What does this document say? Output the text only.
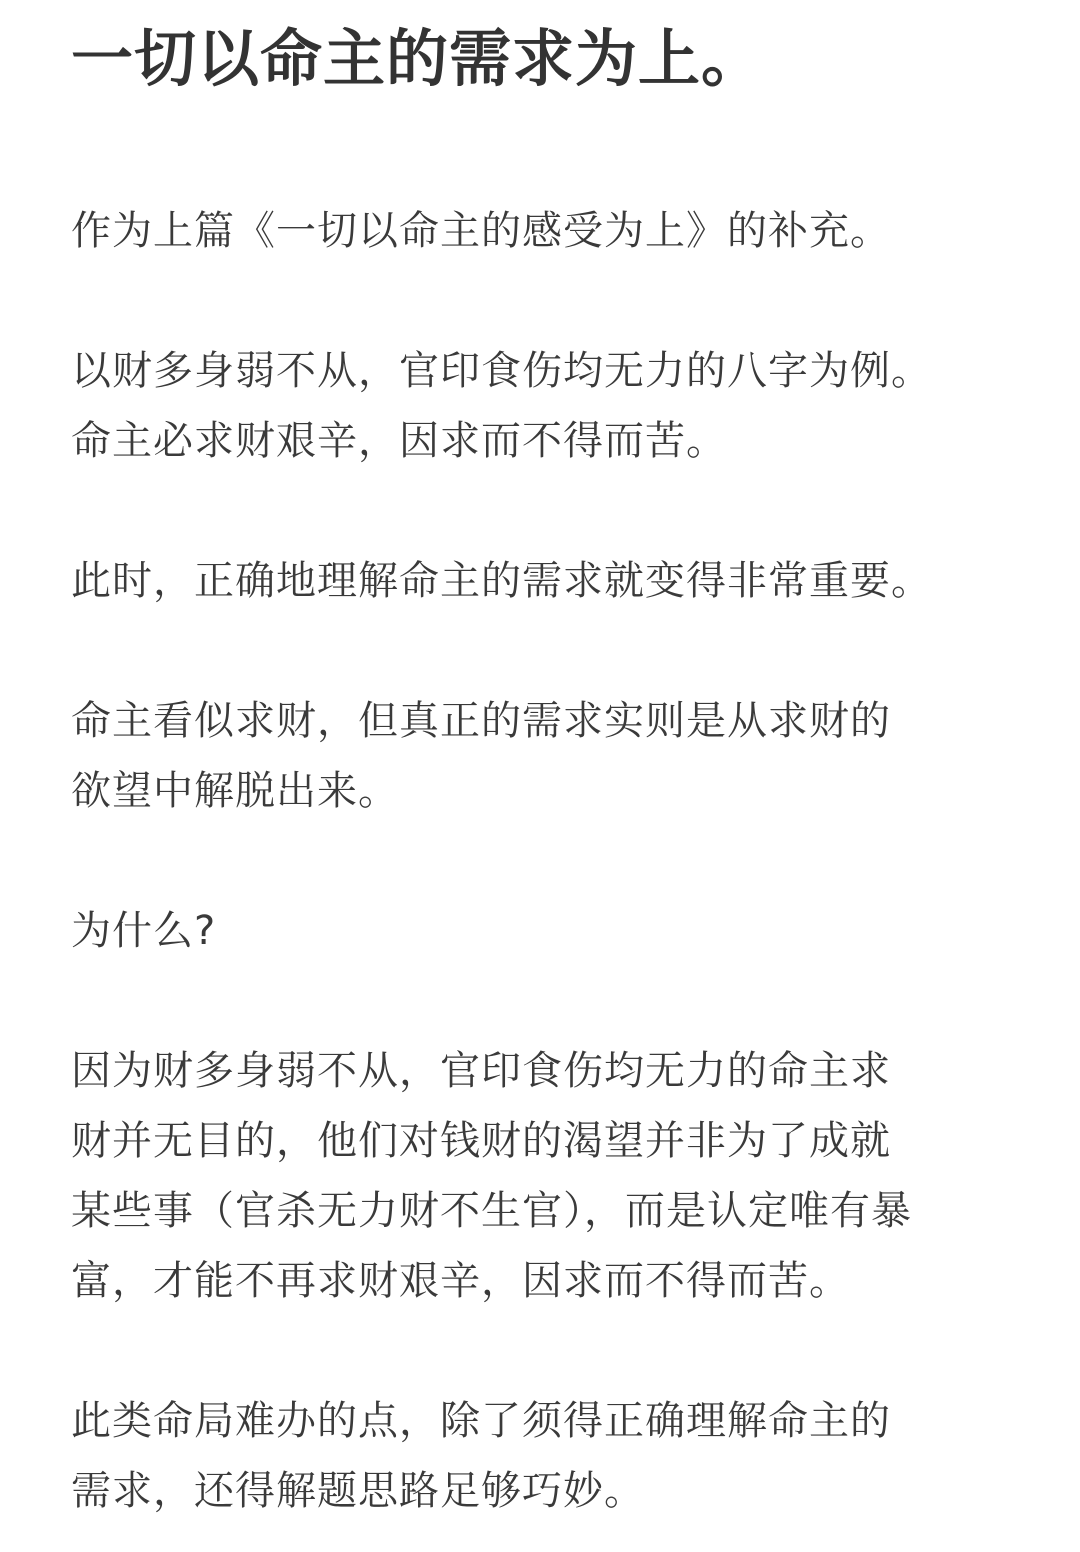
一切以命主的需求为上。

作为上篇《一切以命主的感受为上》的补充。

以财多身弱不从，官印食伤均无力的八字为例。
命主必求财艰辛，因求而不得而苦。

此时，正确地理解命主的需求就变得非常重要。

命主看似求财，但真正的需求实则是从求财的
欲望中解脱出来。

为什么?

因为财多身弱不从，官印食伤均无力的命主求
财并无目的，他们对钱财的渴望并非为了成就
某些事（官杀无力财不生官），而是认定唯有暴
富，才能不再求财艰辛，因求而不得而苦。

此类命局难办的点，除了须得正确理解命主的
需求，还得解题思路足够巧妙。
